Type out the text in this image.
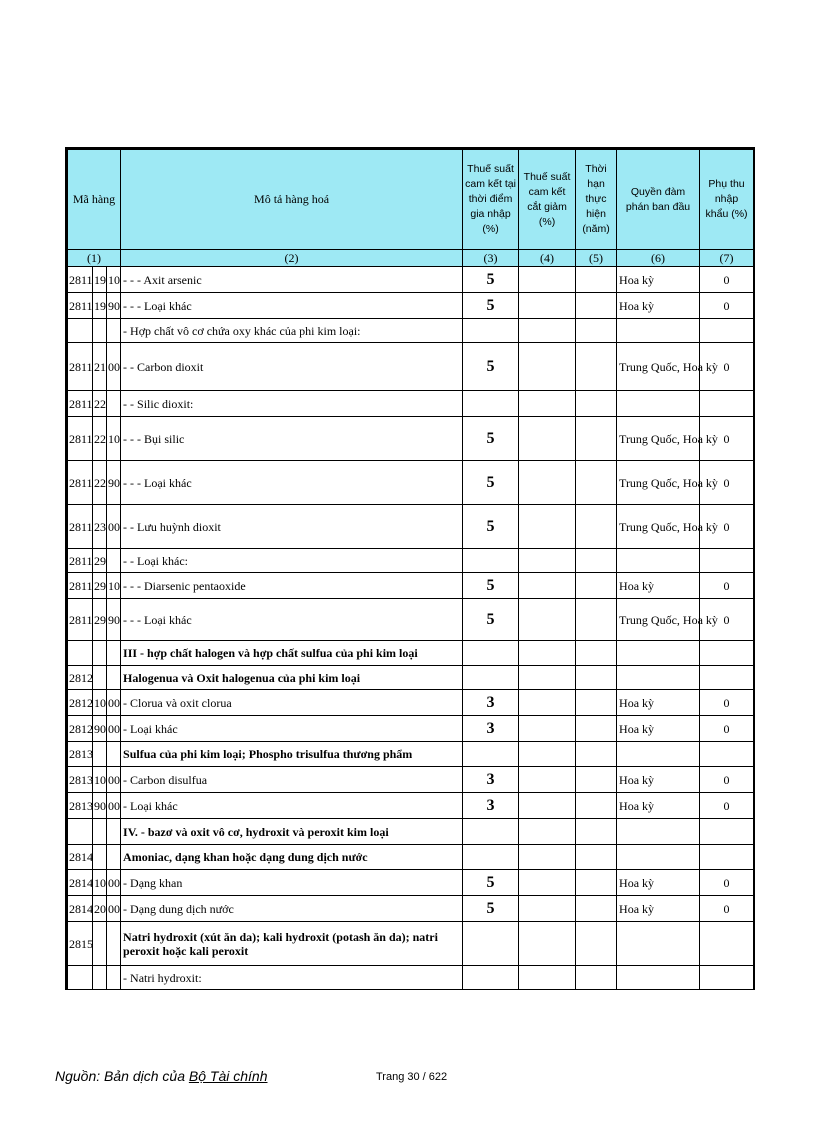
Mã hàng			Mô tả hàng hoá	Thuế suất cam kết tại thời điểm gia nhập (%)	Thuế suất cam kết cắt giảm (%)	Thời hạn thực hiện (năm)	Quyền đàm phán ban đầu	Phụ thu nhập khẩu (%)
(1)			(2)	(3)	(4)	(5)	(6)	(7)
2811	19	10	- - - Axit arsenic	5			Hoa kỳ	0
2811	19	90	- - - Loại khác	5			Hoa kỳ	0
			- Hợp chất vô cơ chứa oxy khác của phi kim loại:					
2811	21	00	- - Carbon dioxit	5			Trung Quốc, Hoa kỳ	0
2811	22		- - Silic dioxit:					
2811	22	10	- - - Bụi silic	5			Trung Quốc, Hoa kỳ	0
2811	22	90	- - - Loại khác	5			Trung Quốc, Hoa kỳ	0
2811	23	00	- - Lưu huỳnh dioxit	5			Trung Quốc, Hoa kỳ	0
2811	29		- - Loại khác:					
2811	29	10	- - - Diarsenic pentaoxide	5			Hoa kỳ	0
2811	29	90	- - - Loại khác	5			Trung Quốc, Hoa kỳ	0
			III - hợp chất halogen và hợp chất sulfua của phi kim loại					
2812			Halogenua và Oxit halogenua của phi kim loại					
2812	10	00	- Clorua và oxit clorua	3			Hoa kỳ	0
2812	90	00	- Loại khác	3			Hoa kỳ	0
2813			Sulfua của phi kim loại; Phospho trisulfua thương phẩm					
2813	10	00	- Carbon disulfua	3			Hoa kỳ	0
2813	90	00	- Loại khác	3			Hoa kỳ	0
			IV. - bazơ và oxit vô cơ, hydroxit và peroxit kim loại					
2814			Amoniac, dạng khan hoặc dạng dung dịch nước					
2814	10	00	- Dạng khan	5			Hoa kỳ	0
2814	20	00	- Dạng dung dịch nước	5			Hoa kỳ	0
2815			Natri hydroxit (xút ăn da); kali hydroxit (potash ăn da); natri peroxit hoặc kali peroxit					
			- Natri hydroxit:					
Nguồn: Bản dịch của Bộ Tài chính	Trang 30 / 622
